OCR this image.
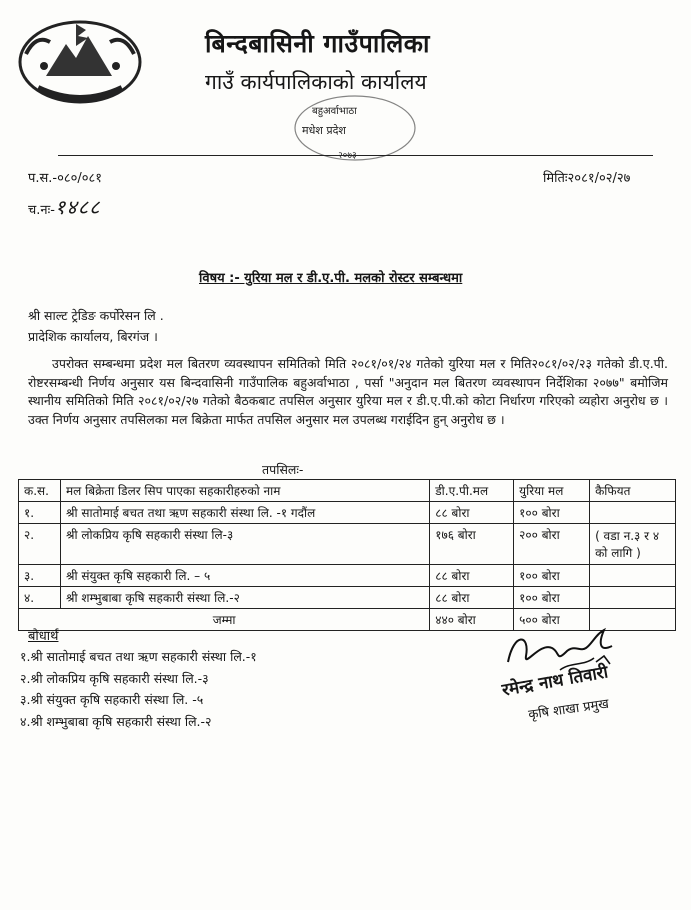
बिन्दबासिनी गाउँपालिका
गाउँ कार्यपालिकाको कार्यालय
बहुअर्वाभाठा
मधेश प्रदेश
२०७३
प.स.-०८०/०८१
च.नः-१४८८
मितिः२०८१/०२/२७
विषय :- युरिया मल र डी.ए.पी. मलको रोस्टर सम्बन्धमा
श्री साल्ट ट्रेडिङ कर्पोरेसन लि .
प्रादेशिक कार्यालय, बिरगंज ।
उपरोक्त सम्बन्धमा प्रदेश मल बितरण व्यवस्थापन समितिको मिति २०८१/०१/२४ गतेको युरिया मल र मिति२०८१/०२/२३ गतेको डी.ए.पी. रोष्टरसम्बन्धी निर्णय अनुसार यस बिन्दवासिनी गाउँपालिक बहुअर्वाभाठा , पर्सा "अनुदान मल बितरण व्यवस्थापन निर्देशिका २०७७" बमोजिम स्थानीय समितिको मिति २०८१/०२/२७ गतेको बैठकबाट तपसिल अनुसार युरिया मल र डी.ए.पी.को कोटा निर्धारण गरिएको व्यहोरा अनुरोध छ । उक्त निर्णय अनुसार तपसिलका मल बिक्रेता मार्फत तपसिल अनुसार मल उपलब्ध गराईदिन हुन् अनुरोध छ ।
तपसिलः-
क.स.	मल बिक्रेता डिलर सिप पाएका सहकारीहरुको नाम	डी.ए.पी.मल	युरिया मल	कैफियत
१.	श्री सातोमाई बचत तथा ऋण सहकारी संस्था लि. -१ गदौंल	८८ बोरा	१०० बोरा	
२.	श्री लोकप्रिय कृषि सहकारी संस्था लि-३	१७६ बोरा	२०० बोरा	( वडा न.३ र ४ को लागि )
३.	श्री संयुक्त कृषि सहकारी लि. – ५	८८ बोरा	१०० बोरा	
४.	श्री शम्भुबाबा कृषि सहकारी संस्था लि.-२	८८ बोरा	१०० बोरा	
जम्मा		४४० बोरा	५०० बोरा	
बोधार्थ
१.श्री सातोमाई बचत तथा ऋण सहकारी संस्था लि.-१
२.श्री लोकप्रिय कृषि सहकारी संस्था लि.-३
३.श्री संयुक्त कृषि सहकारी संस्था लि. -५
४.श्री शम्भुबाबा कृषि सहकारी संस्था लि.-२
रमेन्द्र नाथ तिवारी
कृषि शाखा प्रमुख
